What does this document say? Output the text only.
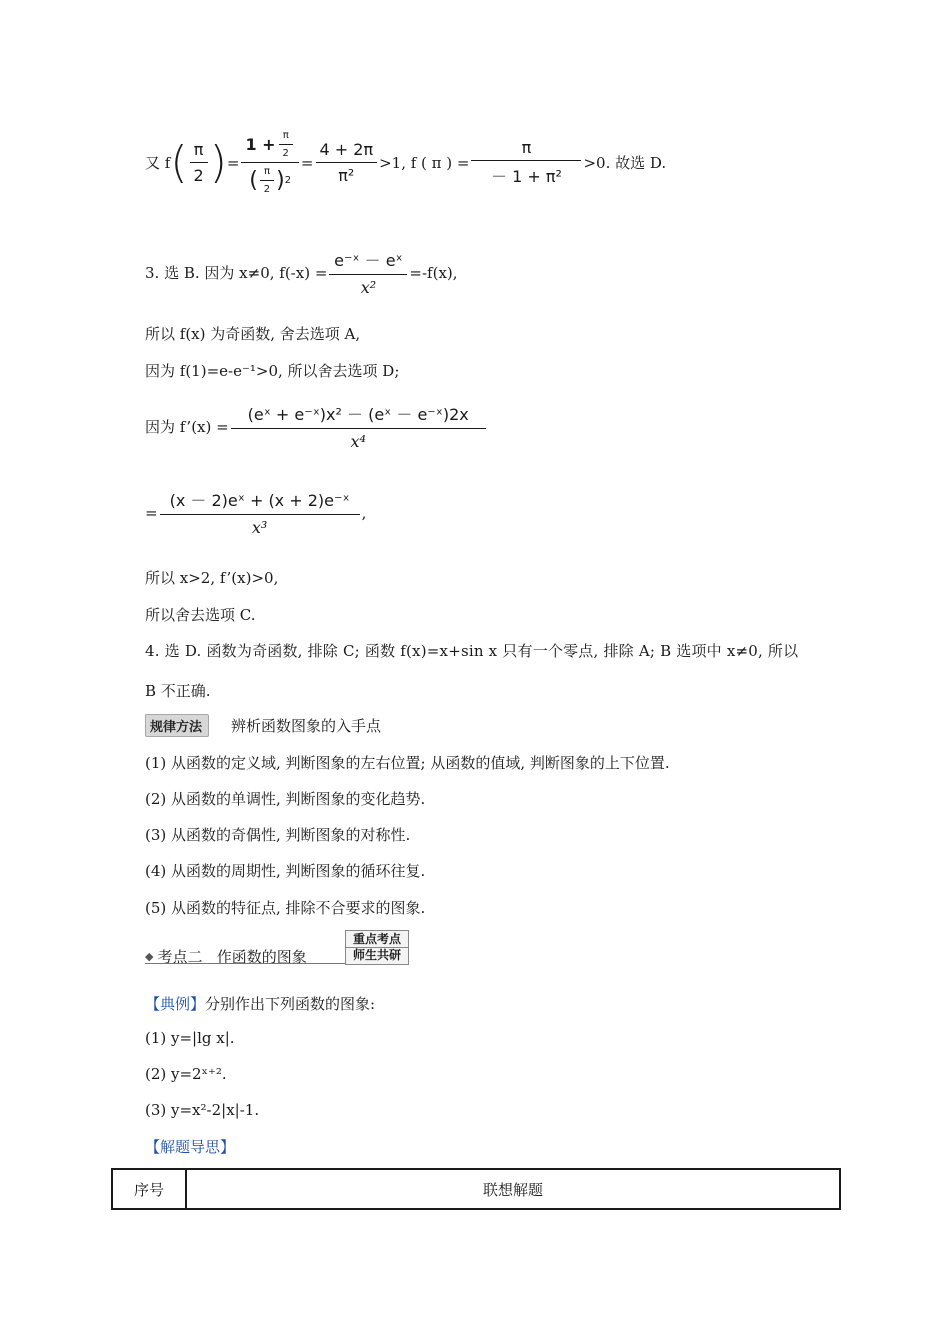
又 f ( $\frac{\pi}{2}$ ) = $\frac{1 + \frac{\pi}{2}}{( \frac{\pi}{2} ) 2} = \frac{4 + 2\pi}{\text{π²}} >1$, f ( π ) = $\frac{\pi}{\text{－ 1 + π²}} >0$. 故选 D.
3. 选 B. 因为 x≠0, $f(-x) = \frac{\text{e⁻ˣ － eˣ}}{\text{x²}} =-f(x)$,
所以 f(x) 为奇函数, 舍去选项 A,
因为 f(1)=e-e⁻¹>0, 所以舍去选项 D;
因为 f’(x) = $\frac{\text{(eˣ + e⁻ˣ)x² － (eˣ － e⁻ˣ)2x}}{\text{x⁴}}$
= $\frac{\text{(x － 2)eˣ + (x + 2)e⁻ˣ}}{\text{x³}}$ ,
所以 x>2, f’(x)>0,
所以舍去选项 C.
4. 选 D. 函数为奇函数, 排除 C; 函数 f(x)=x+sin x 只有一个零点, 排除 A; B 选项中 x≠0, 所以
B 不正确.
规律方法	辨析函数图象的入手点
(1) 从函数的定义域, 判断图象的左右位置; 从函数的值域, 判断图象的上下位置.
(2) 从函数的单调性, 判断图象的变化趋势.
(3) 从函数的奇偶性, 判断图象的对称性.
(4) 从函数的周期性, 判断图象的循环往复.
(5) 从函数的特征点, 排除不合要求的图象.
◆ 考点二   作函数的图象
重点考点
师生共研
【典例】 分别作出下列函数的图象:
(1) y=|lg x|.
(2) y=2ˣ⁺².
(3) y=x²-2|x|-1.
【解题导思】
序号	联想解题
